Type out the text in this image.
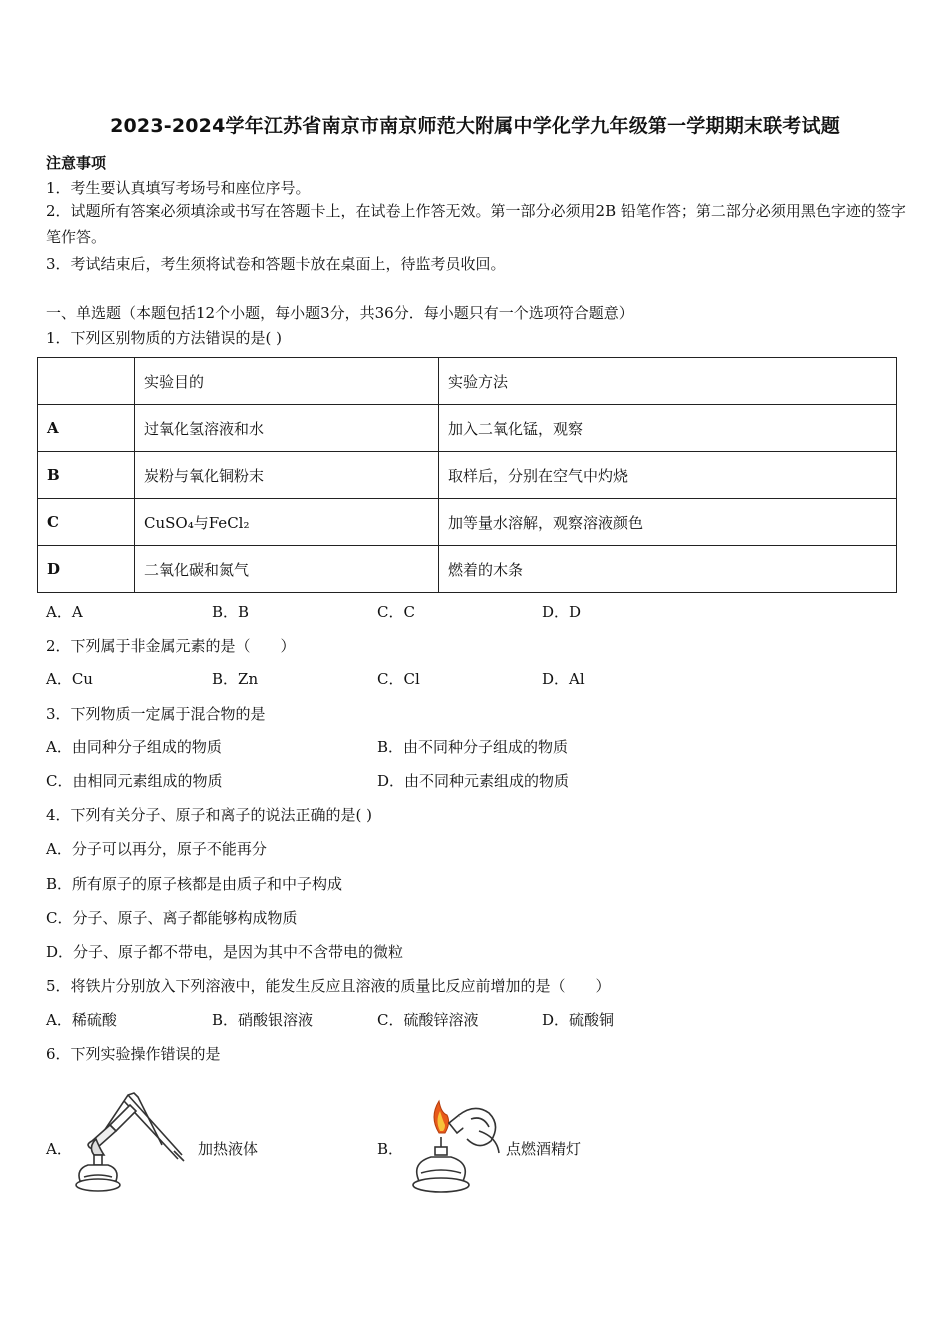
2023-2024学年江苏省南京市南京师范大附属中学化学九年级第一学期期末联考试题
注意事项
1．考生要认真填写考场号和座位序号。
2．试题所有答案必须填涂或书写在答题卡上，在试卷上作答无效。第一部分必须用2B 铅笔作答；第二部分必须用黑色字迹的签字笔作答。
3．考试结束后，考生须将试卷和答题卡放在桌面上，待监考员收回。
一、单选题（本题包括12个小题，每小题3分，共36分．每小题只有一个选项符合题意）
1．下列区别物质的方法错误的是( )
	实验目的	实验方法
A	过氧化氢溶液和水	加入二氧化锰，观察
B	炭粉与氧化铜粉末	取样后，分别在空气中灼烧
C	CuSO₄与FeCl₂	加等量水溶解，观察溶液颜色
D	二氧化碳和氮气	燃着的木条
A．A	B．B	C．C	D．D
2．下列属于非金属元素的是（　　）
A．Cu	B．Zn	C．Cl	D．Al
3．下列物质一定属于混合物的是
A．由同种分子组成的物质	B．由不同种分子组成的物质
C．由相同元素组成的物质	D．由不同种元素组成的物质
4．下列有关分子、原子和离子的说法正确的是( )
A．分子可以再分，原子不能再分
B．所有原子的原子核都是由质子和中子构成
C．分子、原子、离子都能够构成物质
D．分子、原子都不带电，是因为其中不含带电的微粒
5．将铁片分别放入下列溶液中，能发生反应且溶液的质量比反应前增加的是（　　）
A．稀硫酸	B．硝酸银溶液	C．硫酸锌溶液	D．硫酸铜
6．下列实验操作错误的是
A．	加热液体	B．	点燃酒精灯
